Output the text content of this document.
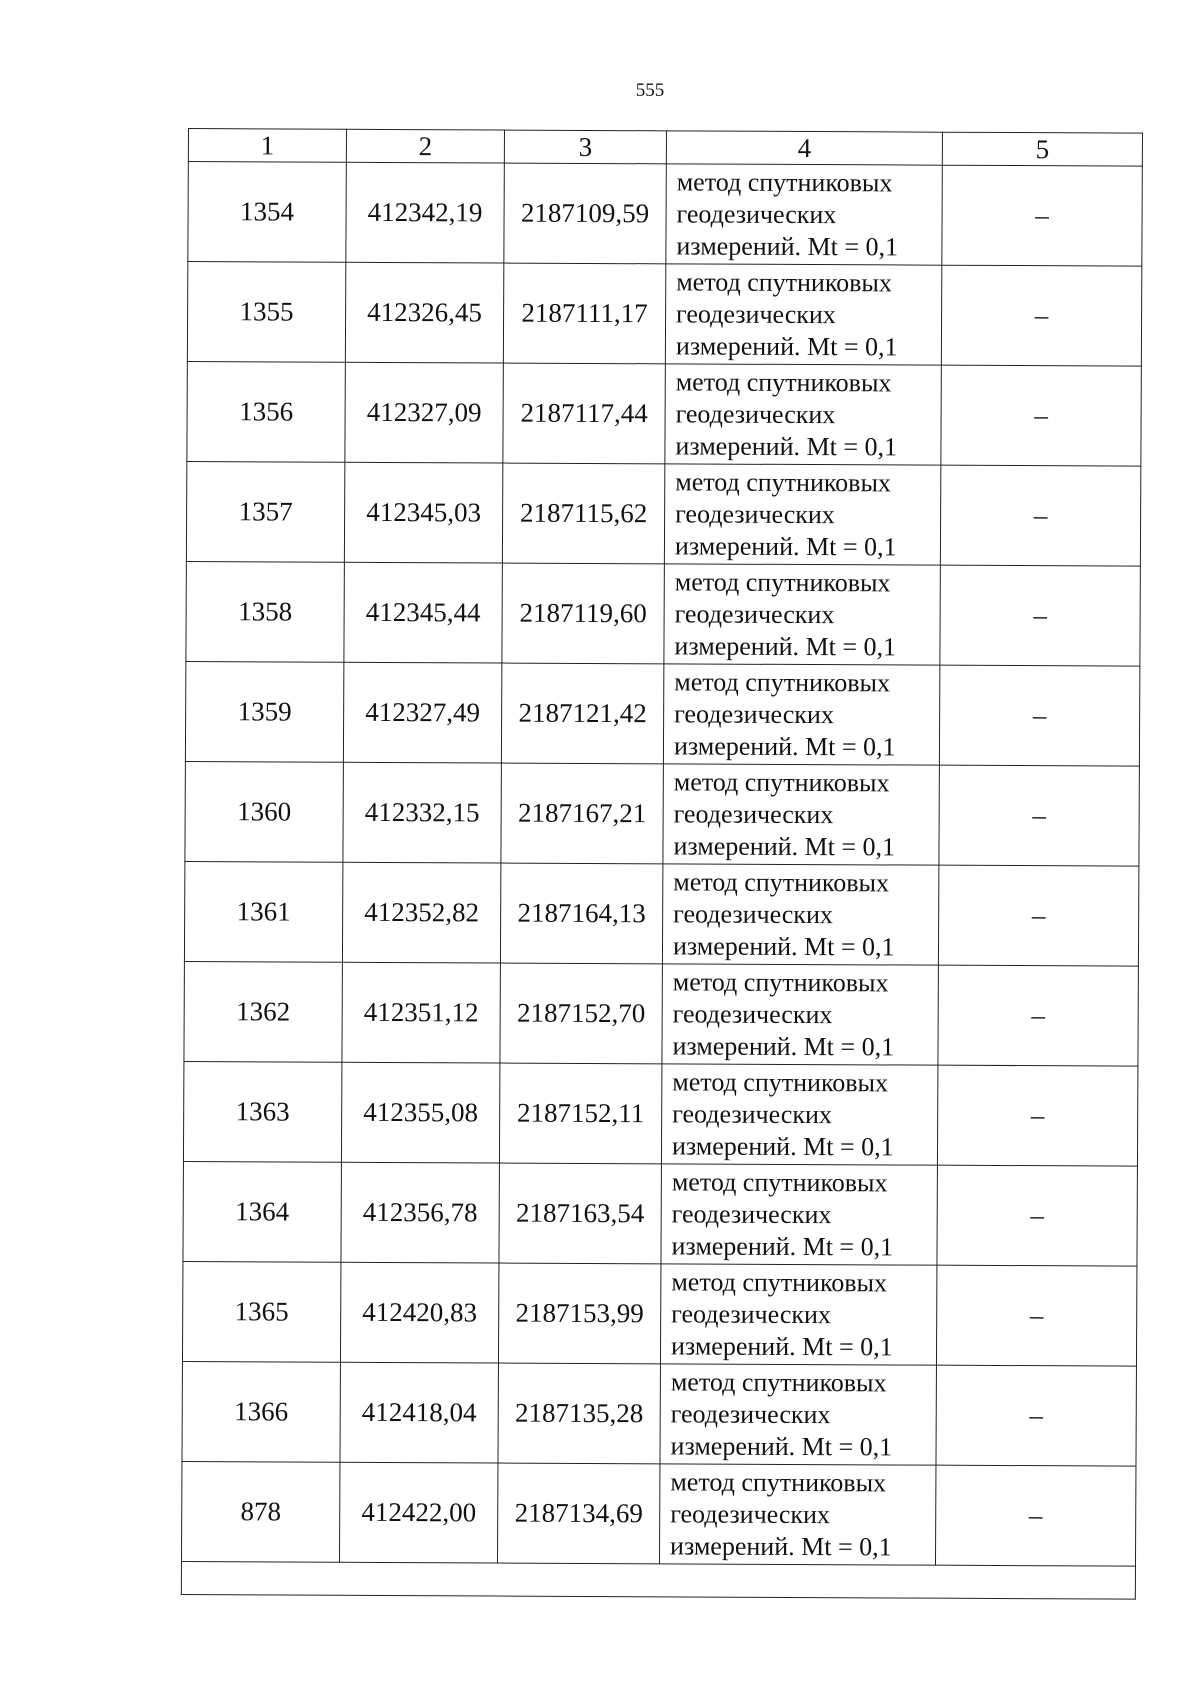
555
1	2	3	4	5
1354	412342,19	2187109,59	метод спутниковых
геодезических
измерений. Mt = 0,1	–
1355	412326,45	2187111,17	метод спутниковых
геодезических
измерений. Mt = 0,1	–
1356	412327,09	2187117,44	метод спутниковых
геодезических
измерений. Mt = 0,1	–
1357	412345,03	2187115,62	метод спутниковых
геодезических
измерений. Mt = 0,1	–
1358	412345,44	2187119,60	метод спутниковых
геодезических
измерений. Mt = 0,1	–
1359	412327,49	2187121,42	метод спутниковых
геодезических
измерений. Mt = 0,1	–
1360	412332,15	2187167,21	метод спутниковых
геодезических
измерений. Mt = 0,1	–
1361	412352,82	2187164,13	метод спутниковых
геодезических
измерений. Mt = 0,1	–
1362	412351,12	2187152,70	метод спутниковых
геодезических
измерений. Mt = 0,1	–
1363	412355,08	2187152,11	метод спутниковых
геодезических
измерений. Mt = 0,1	–
1364	412356,78	2187163,54	метод спутниковых
геодезических
измерений. Mt = 0,1	–
1365	412420,83	2187153,99	метод спутниковых
геодезических
измерений. Mt = 0,1	–
1366	412418,04	2187135,28	метод спутниковых
геодезических
измерений. Mt = 0,1	–
878	412422,00	2187134,69	метод спутниковых
геодезических
измерений. Mt = 0,1	–
